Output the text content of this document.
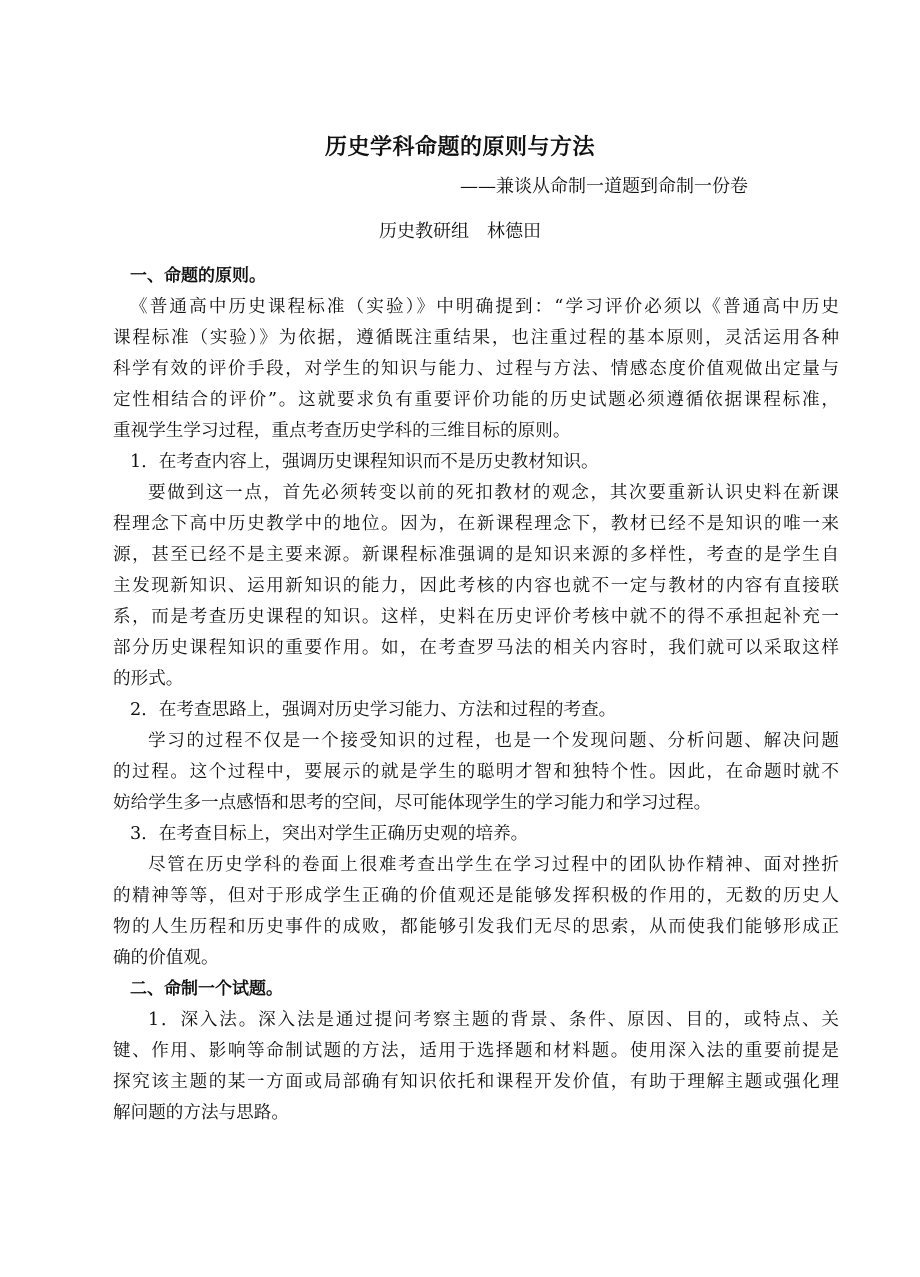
历史学科命题的原则与方法
——兼谈从命制一道题到命制一份卷
历史教研组　林德田
一、命题的原则。
《普通高中历史课程标准（实验）》中明确提到：“学习评价必须以《普通高中历史
课程标准（实验）》为依据，遵循既注重结果，也注重过程的基本原则，灵活运用各种
科学有效的评价手段，对学生的知识与能力、过程与方法、情感态度价值观做出定量与
定性相结合的评价”。这就要求负有重要评价功能的历史试题必须遵循依据课程标准，
重视学生学习过程，重点考查历史学科的三维目标的原则。
1．在考查内容上，强调历史课程知识而不是历史教材知识。
要做到这一点，首先必须转变以前的死扣教材的观念，其次要重新认识史料在新课
程理念下高中历史教学中的地位。因为，在新课程理念下，教材已经不是知识的唯一来
源，甚至已经不是主要来源。新课程标准强调的是知识来源的多样性，考查的是学生自
主发现新知识、运用新知识的能力，因此考核的内容也就不一定与教材的内容有直接联
系，而是考查历史课程的知识。这样，史料在历史评价考核中就不的得不承担起补充一
部分历史课程知识的重要作用。如，在考查罗马法的相关内容时，我们就可以采取这样
的形式。
2．在考查思路上，强调对历史学习能力、方法和过程的考查。
学习的过程不仅是一个接受知识的过程，也是一个发现问题、分析问题、解决问题
的过程。这个过程中，要展示的就是学生的聪明才智和独特个性。因此，在命题时就不
妨给学生多一点感悟和思考的空间，尽可能体现学生的学习能力和学习过程。
3．在考查目标上，突出对学生正确历史观的培养。
尽管在历史学科的卷面上很难考查出学生在学习过程中的团队协作精神、面对挫折
的精神等等，但对于形成学生正确的价值观还是能够发挥积极的作用的，无数的历史人
物的人生历程和历史事件的成败，都能够引发我们无尽的思索，从而使我们能够形成正
确的价值观。
二、命制一个试题。
1．深入法。深入法是通过提问考察主题的背景、条件、原因、目的，或特点、关
键、作用、影响等命制试题的方法，适用于选择题和材料题。使用深入法的重要前提是
探究该主题的某一方面或局部确有知识依托和课程开发价值，有助于理解主题或强化理
解问题的方法与思路。
